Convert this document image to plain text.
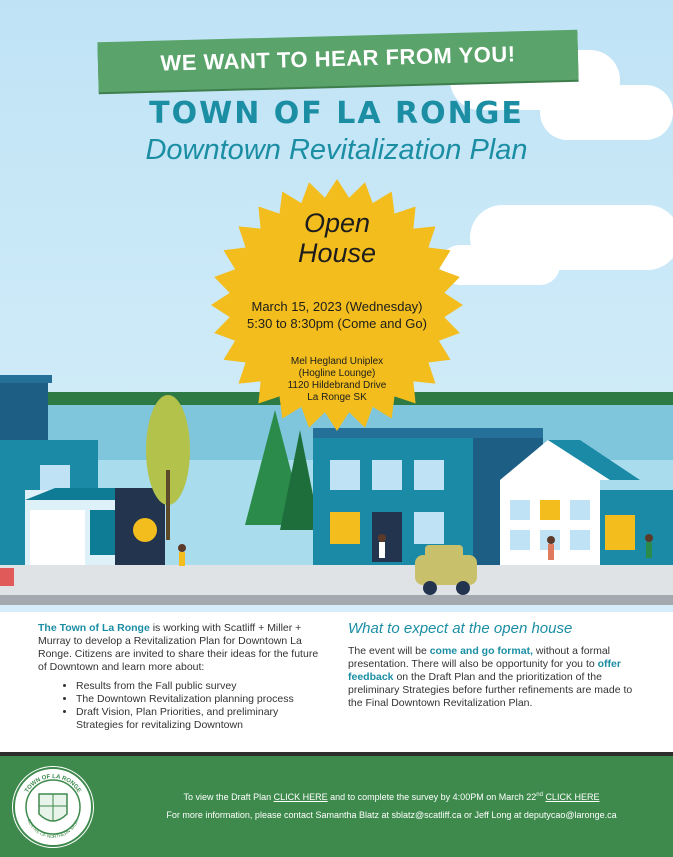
WE WANT TO HEAR FROM YOU!
TOWN OF LA RONGE
Downtown Revitalization Plan
Open
House
March 15, 2023 (Wednesday)
5:30 to 8:30pm (Come and Go)
Mel Hegland Uniplex
(Hogline Lounge)
1120 Hildebrand Drive
La Ronge SK
The Town of La Ronge is working with Scatliff + Miller + Murray to develop a Revitalization Plan for Downtown La Ronge. Citizens are invited to share their ideas for the future of Downtown and learn more about:
• Results from the Fall public survey
• The Downtown Revitalization planning process
• Draft Vision, Plan Priorities, and preliminary Strategies for revitalizing Downtown
What to expect at the open house
The event will be come and go format, without a formal presentation. There will also be opportunity for you to offer feedback on the Draft Plan and the prioritization of the preliminary Strategies before further refinements are made to the Final Downtown Revitalization Plan.
TOWN OF LA RONGE
CENTRE OF NORTHERN SASK.
To view the Draft Plan CLICK HERE and to complete the survey by 4:00PM on March 22nd CLICK HERE
For more information, please contact Samantha Blatz at sblatz@scatliff.ca or Jeff Long at deputycao@laronge.ca
